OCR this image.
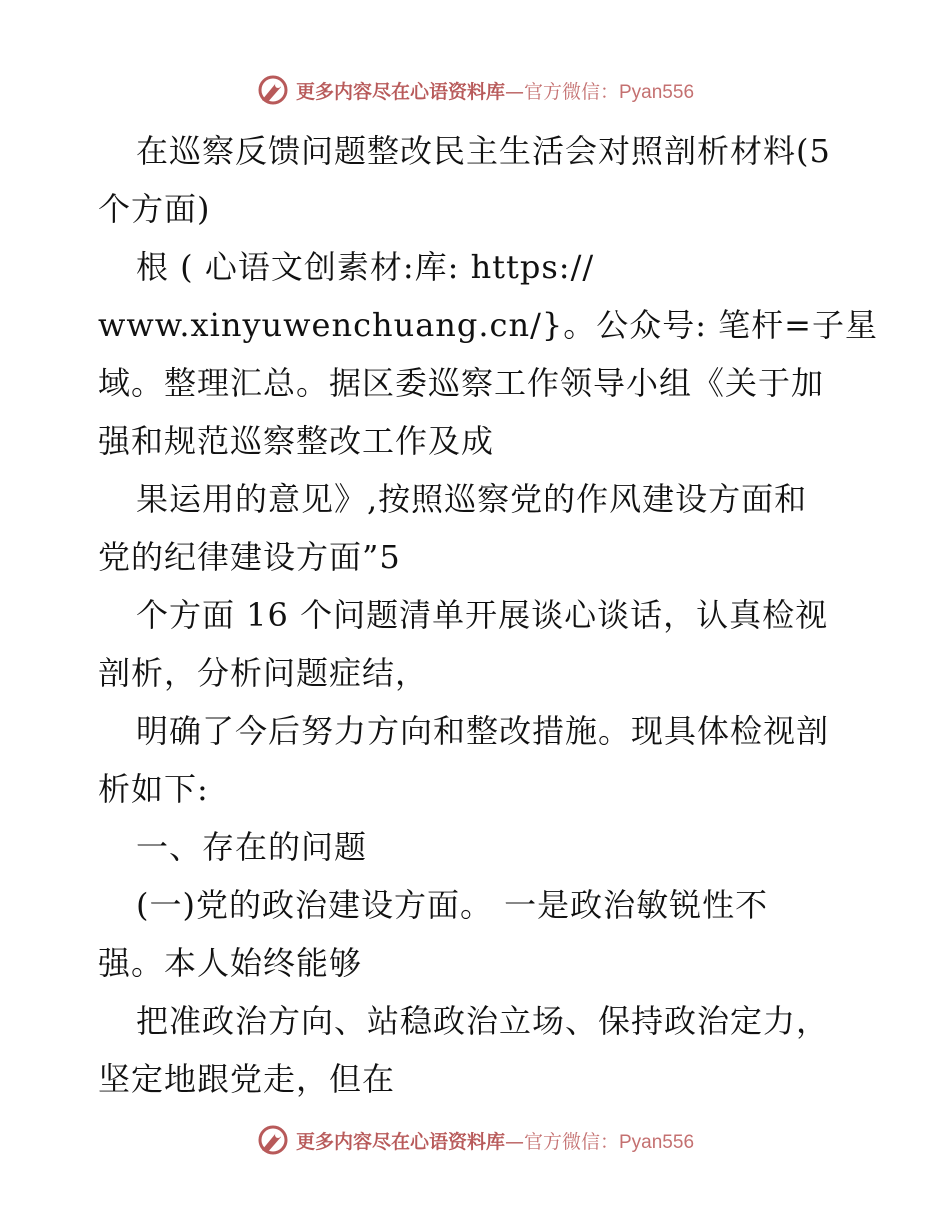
更多内容尽在心语资料库—官方微信：Pyan556
在巡察反馈问题整改民主生活会对照剖析材料(5
个方面)
根 ( 心语文创素材:库: https://
www.xinyuwenchuang.cn/}。公众号: 笔杆=子星
域。整理汇总。据区委巡察工作领导小组《关于加
强和规范巡察整改工作及成
果运用的意见》,按照巡察党的作风建设方面和
党的纪律建设方面”5
个方面 16 个问题清单开展谈心谈话，认真检视
剖析，分析问题症结，
明确了今后努力方向和整改措施。现具体检视剖
析如下:
一、存在的问题
(一)党的政治建设方面。 一是政治敏锐性不
强。本人始终能够
把准政治方向、站稳政治立场、保持政治定力，
坚定地跟党走，但在
更多内容尽在心语资料库—官方微信：Pyan556
